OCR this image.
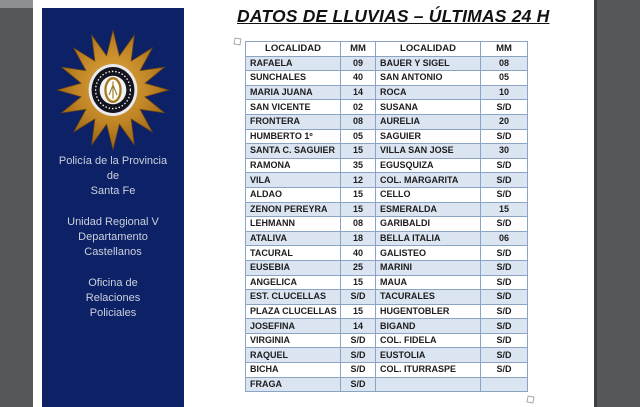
Policía de la Provincia
de
Santa Fe
Unidad Regional V
Departamento
Castellanos
Oficina de
Relaciones
Policiales
DATOS DE LLUVIAS – ÚLTIMAS 24 H
LOCALIDAD	MM	LOCALIDAD	MM
RAFAELA	09	BAUER Y SIGEL	08
SUNCHALES	40	SAN ANTONIO	05
MARIA JUANA	14	ROCA	10
SAN VICENTE	02	SUSANA	S/D
FRONTERA	08	AURELIA	20
HUMBERTO 1º	05	SAGUIER	S/D
SANTA C. SAGUIER	15	VILLA SAN JOSE	30
RAMONA	35	EGUSQUIZA	S/D
VILA	12	COL. MARGARITA	S/D
ALDAO	15	CELLO	S/D
ZENON PEREYRA	15	ESMERALDA	15
LEHMANN	08	GARIBALDI	S/D
ATALIVA	18	BELLA ITALIA	06
TACURAL	40	GALISTEO	S/D
EUSEBIA	25	MARINI	S/D
ANGELICA	15	MAUA	S/D
EST. CLUCELLAS	S/D	TACURALES	S/D
PLAZA CLUCELLAS	15	HUGENTOBLER	S/D
JOSEFINA	14	BIGAND	S/D
VIRGINIA	S/D	COL. FIDELA	S/D
RAQUEL	S/D	EUSTOLIA	S/D
BICHA	S/D	COL. ITURRASPE	S/D
FRAGA	S/D		
